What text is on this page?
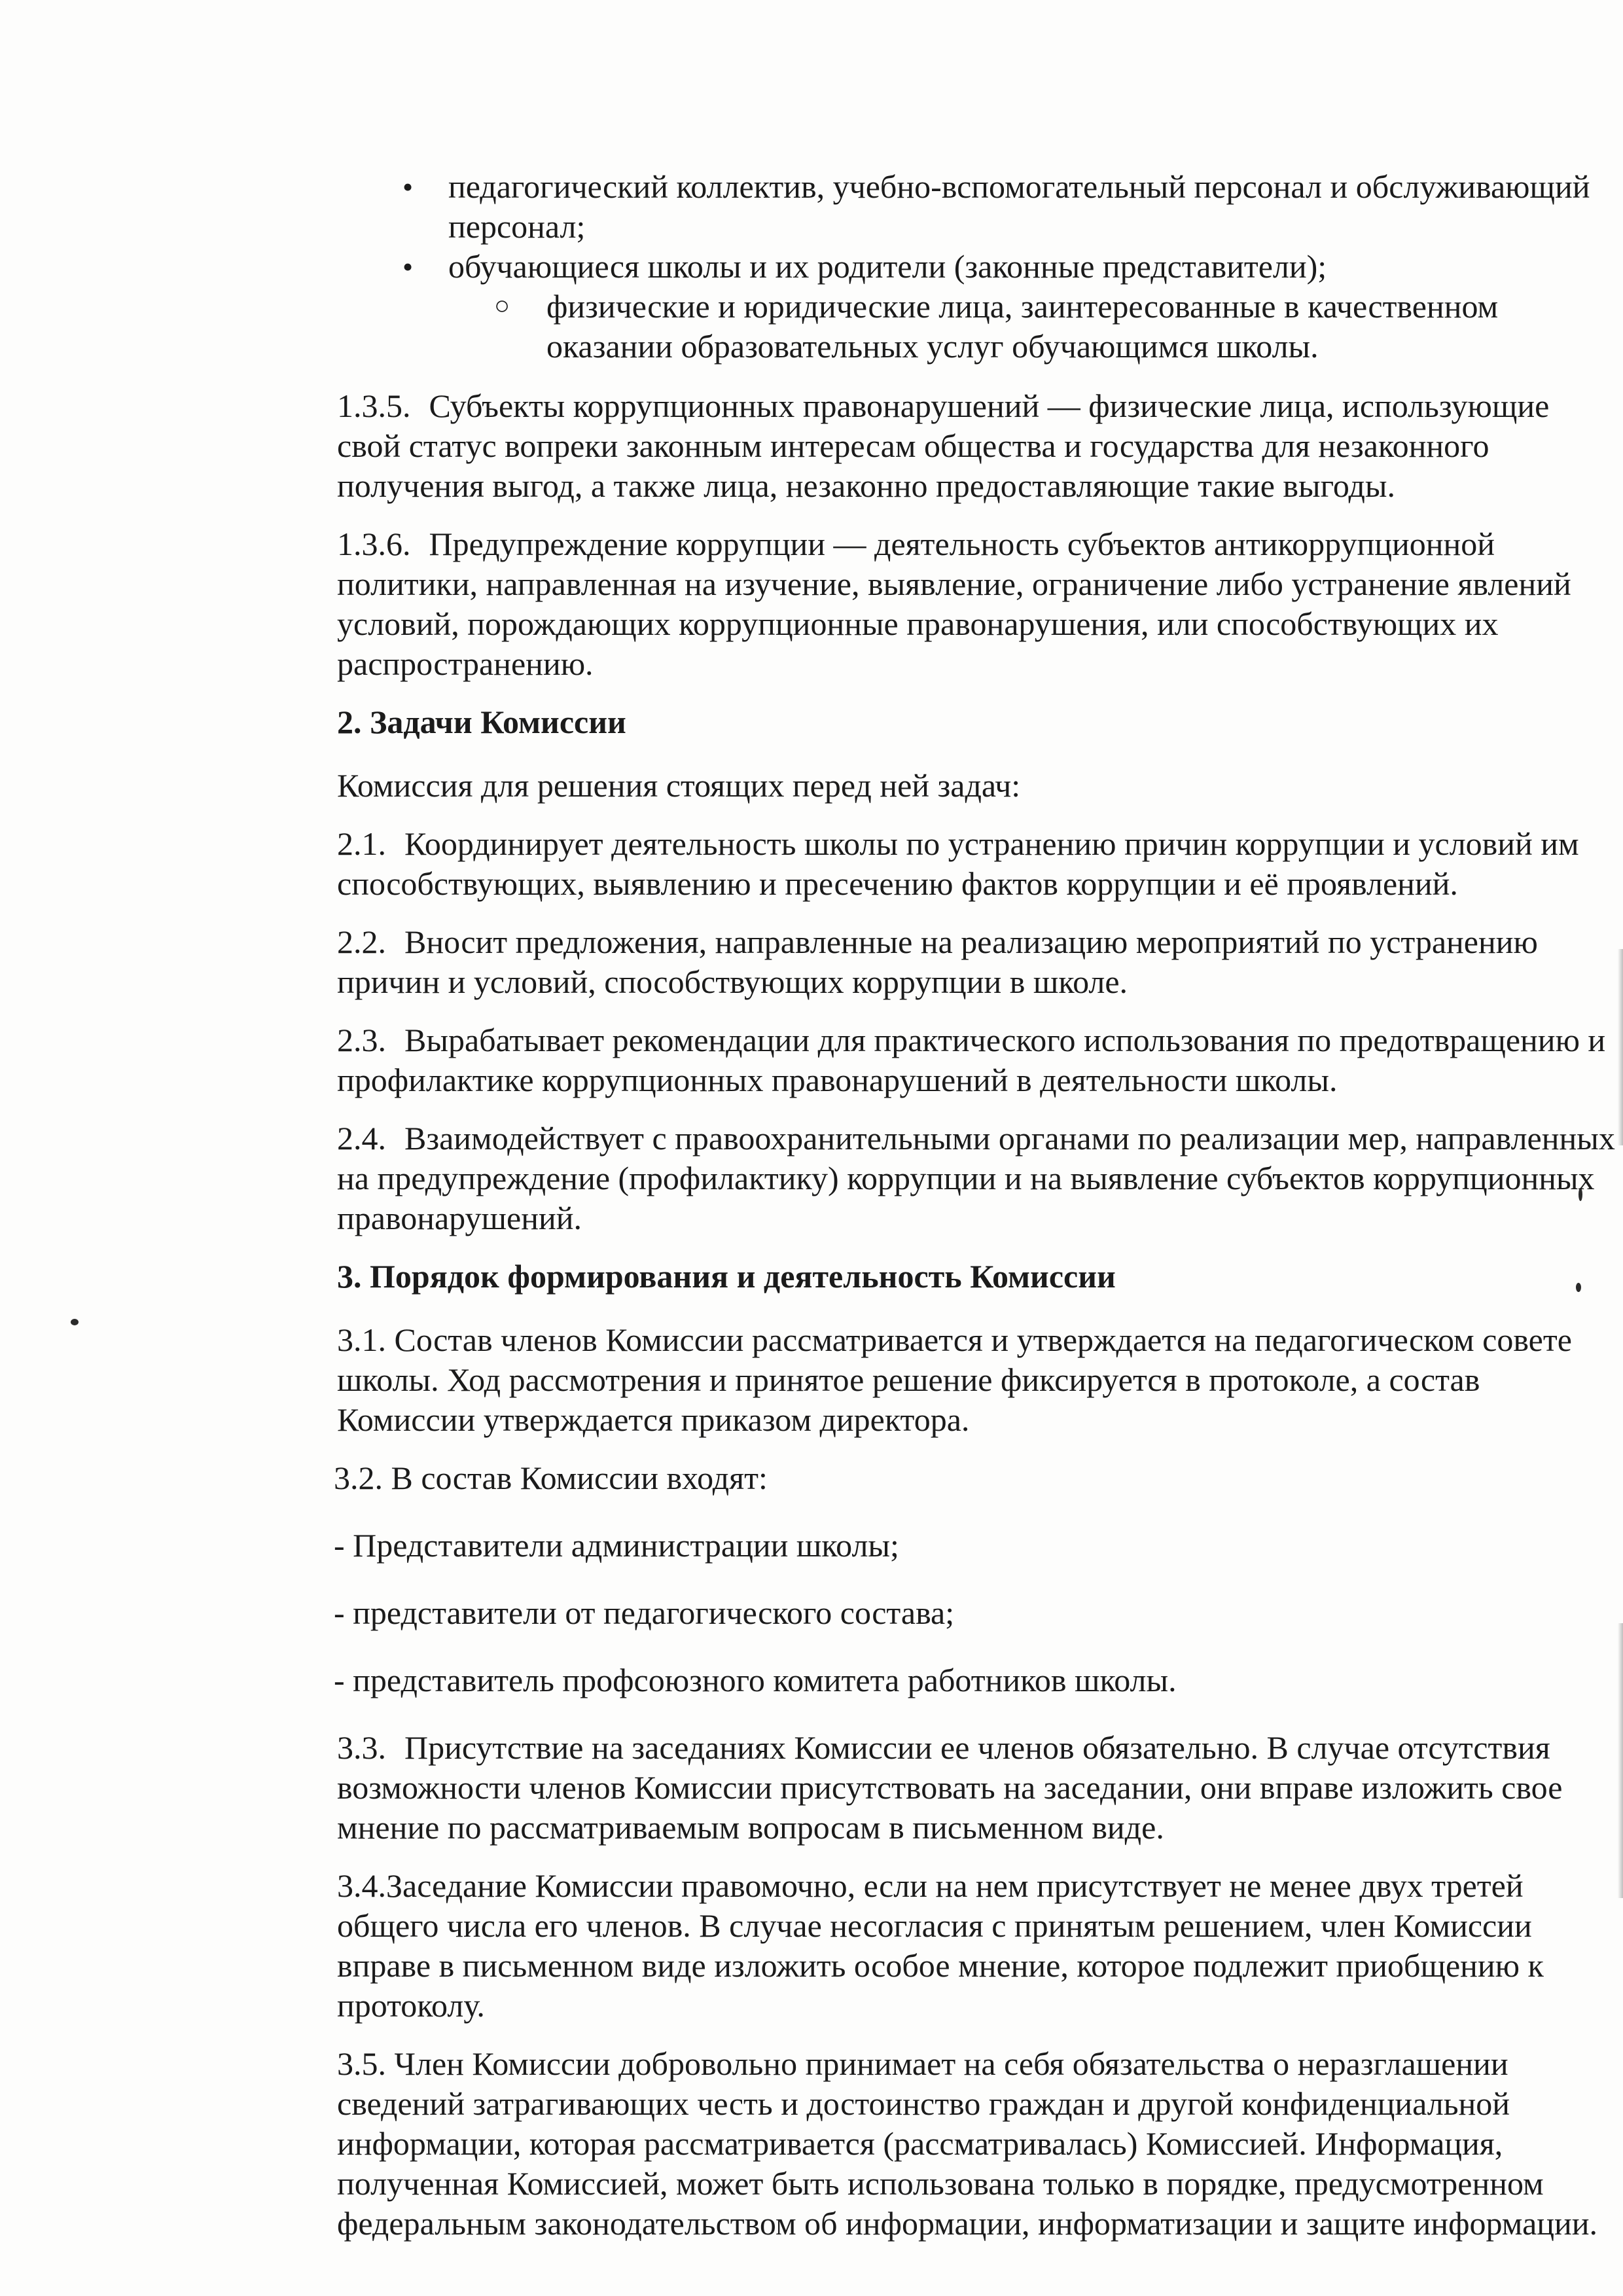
• педагогический коллектив, учебно-вспомогательный персонал и обслуживающий персонал;

• обучающиеся школы и их родители (законные представители);

○ физические и юридические лица, заинтересованные в качественном оказании образовательных услуг обучающимся школы.

1.3.5. Субъекты коррупционных правонарушений — физические лица, использующие свой статус вопреки законным интересам общества и государства для незаконного получения выгод, а также лица, незаконно предоставляющие такие выгоды.

1.3.6. Предупреждение коррупции — деятельность субъектов антикоррупционной политики, направленная на изучение, выявление, ограничение либо устранение явлений условий, порождающих коррупционные правонарушения, или способствующих их распространению.

2. Задачи Комиссии

Комиссия для решения стоящих перед ней задач:

2.1. Координирует деятельность школы по устранению причин коррупции и условий им способствующих, выявлению и пресечению фактов коррупции и её проявлений.

2.2. Вносит предложения, направленные на реализацию мероприятий по устранению причин и условий, способствующих коррупции в школе.

2.3. Вырабатывает рекомендации для практического использования по предотвращению и профилактике коррупционных правонарушений в деятельности школы.

2.4. Взаимодействует с правоохранительными органами по реализации мер, направленных на предупреждение (профилактику) коррупции и на выявление субъектов коррупционных правонарушений.

3. Порядок формирования и деятельность Комиссии

3.1. Состав членов Комиссии рассматривается и утверждается на педагогическом совете школы. Ход рассмотрения и принятое решение фиксируется в протоколе, а состав Комиссии утверждается приказом директора.

3.2. В состав Комиссии входят:

- Представители администрации школы;

- представители от педагогического состава;

- представитель профсоюзного комитета работников школы.

3.3. Присутствие на заседаниях Комиссии ее членов обязательно. В случае отсутствия возможности членов Комиссии присутствовать на заседании, они вправе изложить свое мнение по рассматриваемым вопросам в письменном виде.

3.4.Заседание Комиссии правомочно, если на нем присутствует не менее двух третей общего числа его членов. В случае несогласия с принятым решением, член Комиссии вправе в письменном виде изложить особое мнение, которое подлежит приобщению к протоколу.

3.5. Член Комиссии добровольно принимает на себя обязательства о неразглашении сведений затрагивающих честь и достоинство граждан и другой конфиденциальной информации, которая рассматривается (рассматривалась) Комиссией. Информация, полученная Комиссией, может быть использована только в порядке, предусмотренном федеральным законодательством об информации, информатизации и защите информации.
